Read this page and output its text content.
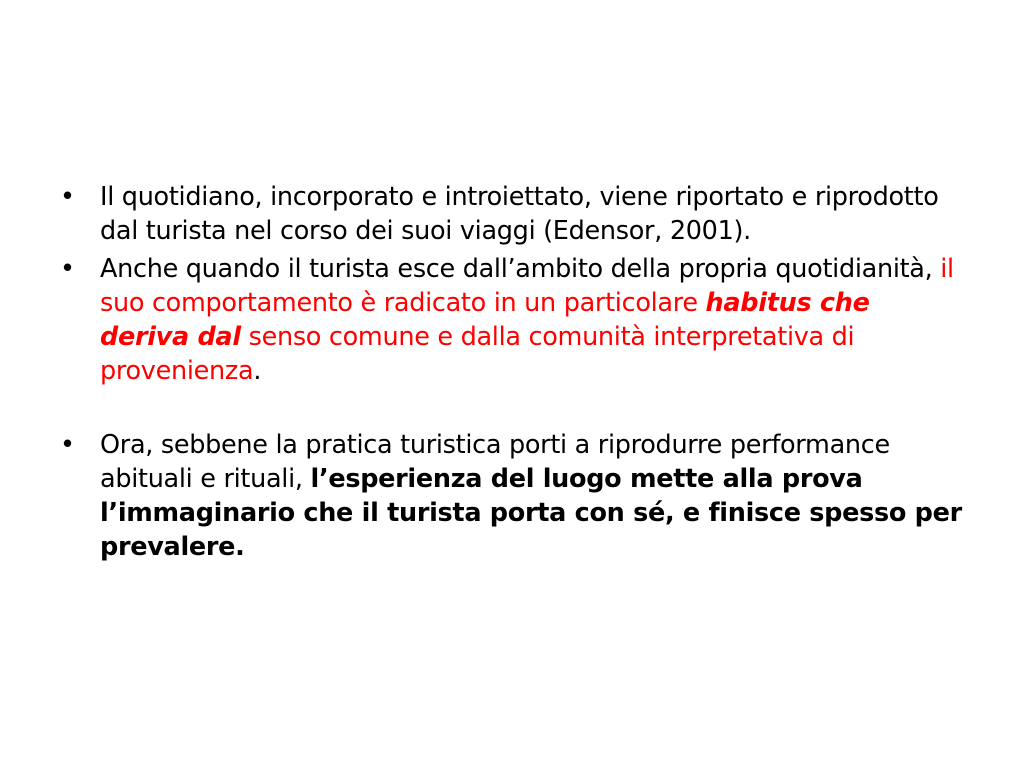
• Il quotidiano, incorporato e introiettato, viene riportato e riprodotto dal turista nel corso dei suoi viaggi (Edensor, 2001).
• Anche quando il turista esce dall’ambito della propria quotidianità, il suo comportamento è radicato in un particolare habitus che deriva dal senso comune e dalla comunità interpretativa di provenienza.
• Ora, sebbene la pratica turistica porti a riprodurre performance abituali e rituali, l’esperienza del luogo mette alla prova l’immaginario che il turista porta con sé, e finisce spesso per prevalere.
